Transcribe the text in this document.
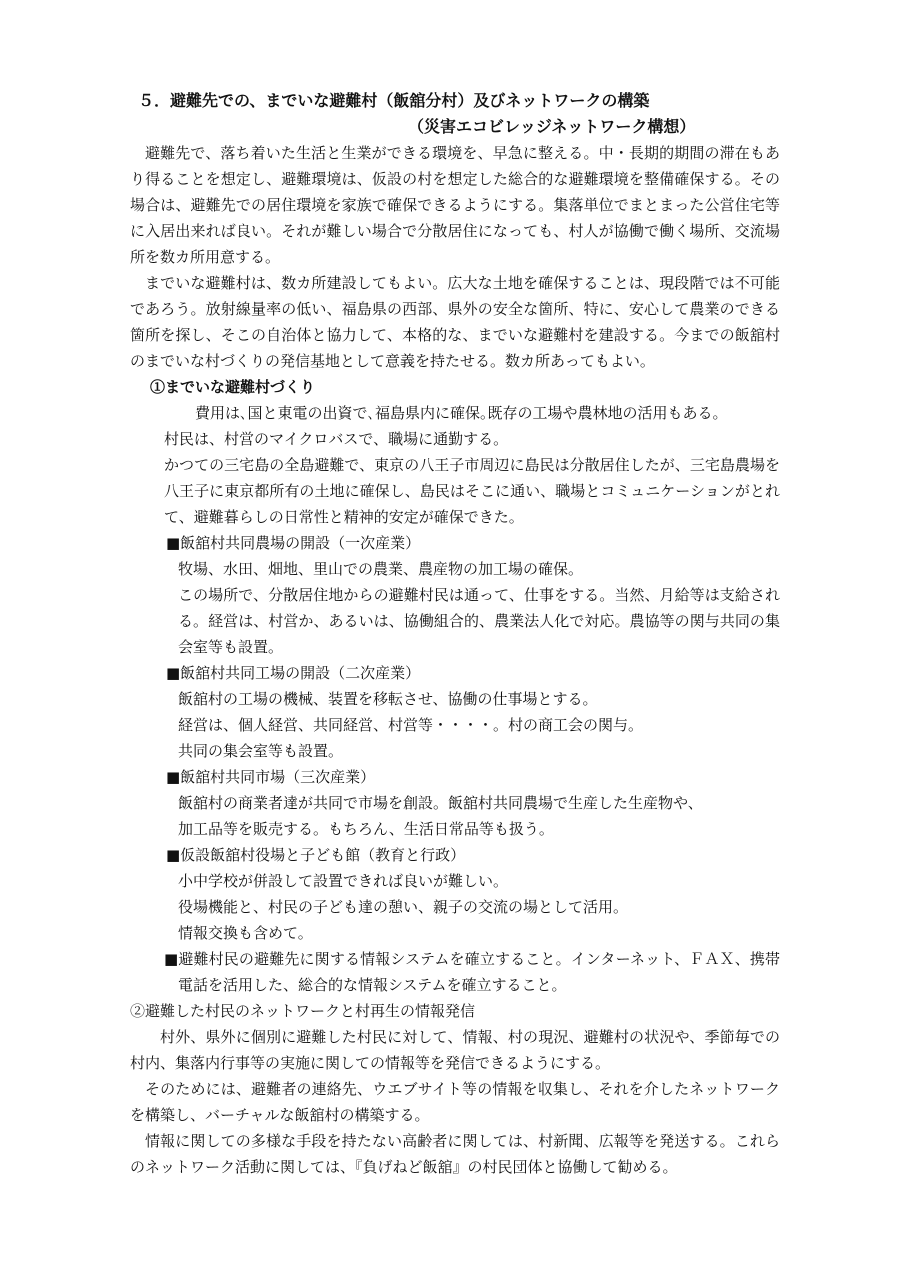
５．避難先での、までいな避難村（飯舘分村）及びネットワークの構築
（災害エコビレッジネットワーク構想）

避難先で、落ち着いた生活と生業ができる環境を、早急に整える。中・長期的期間の滞在もあり得ることを想定し、避難環境は、仮設の村を想定した総合的な避難環境を整備確保する。その場合は、避難先での居住環境を家族で確保できるようにする。集落単位でまとまった公営住宅等に入居出来れば良い。それが難しい場合で分散居住になっても、村人が協働で働く場所、交流場所を数カ所用意する。

までいな避難村は、数カ所建設してもよい。広大な土地を確保することは、現段階では不可能であろう。放射線量率の低い、福島県の西部、県外の安全な箇所、特に、安心して農業のできる箇所を探し、そこの自治体と協力して、本格的な、までいな避難村を建設する。今までの飯舘村のまでいな村づくりの発信基地として意義を持たせる。数カ所あってもよい。

①までいな避難村づくり

費用は､国と東電の出資で､福島県内に確保｡既存の工場や農林地の活用もある。

村民は、村営のマイクロバスで、職場に通勤する。
かつての三宅島の全島避難で、東京の八王子市周辺に島民は分散居住したが、三宅島農場を八王子に東京都所有の土地に確保し、島民はそこに通い、職場とコミュニケーションがとれて、避難暮らしの日常性と精神的安定が確保できた。

■飯舘村共同農場の開設（一次産業）

牧場、水田、畑地、里山での農業、農産物の加工場の確保。

この場所で、分散居住地からの避難村民は通って、仕事をする。当然、月給等は支給される。経営は、村営か、あるいは、協働組合的、農業法人化で対応。農協等の関与共同の集会室等も設置。

■飯舘村共同工場の開設（二次産業）

飯舘村の工場の機械、装置を移転させ、協働の仕事場とする。

経営は、個人経営、共同経営、村営等・・・・。村の商工会の関与。

共同の集会室等も設置。

■飯舘村共同市場（三次産業）

飯舘村の商業者達が共同で市場を創設。飯舘村共同農場で生産した生産物や、

加工品等を販売する。もちろん、生活日常品等も扱う。

■仮設飯舘村役場と子ども館（教育と行政）

小中学校が併設して設置できれば良いが難しい。

役場機能と、村民の子ども達の憩い、親子の交流の場として活用。

情報交換も含めて。

■避難村民の避難先に関する情報システムを確立すること。インターネット、ＦＡＸ、携帯電話を活用した、総合的な情報システムを確立すること。

②避難した村民のネットワークと村再生の情報発信

村外、県外に個別に避難した村民に対して、情報、村の現況、避難村の状況や、季節毎での村内、集落内行事等の実施に関しての情報等を発信できるようにする。

そのためには、避難者の連絡先、ウエブサイト等の情報を収集し、それを介したネットワークを構築し、バーチャルな飯舘村の構築する。

情報に関しての多様な手段を持たない高齢者に関しては、村新聞、広報等を発送する。これらのネットワーク活動に関しては、『負げねど飯舘』の村民団体と協働して勧める。
